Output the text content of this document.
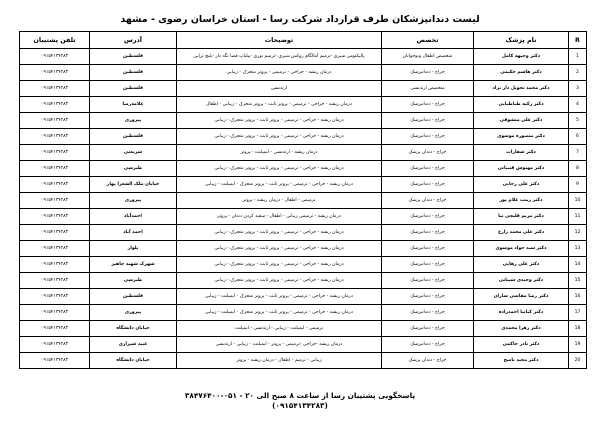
لیست دندانپزشکان طرف قرارداد شرکت رسا - استان خراسان رضوی - مشهد
R	نام پزشک	تخصص	توضیحات	آدرس	تلفن پشتیبان
1	دکتر وجیهه کامل	متخصص اطفال ونوجوانان	پالپکتومی شیری -ترمیم آمالگام روکش شیری -ترمیم نوری -پیلباپ فضا نگه دار -بلیچ ترابی	فلسطین	۰۹۱۵۴۱۳۴۲۸۳
2	دکتر هاشم حکیمی	جراح - دندانپزشک	درمان ریشه - جراحی - ترمیمی - پروتز متحرک - زیبایی	فلسطین	۰۹۱۵۴۱۳۴۲۸۳
3	دکتر محمد تحویل دار نژاد	متخصص ارتدنسی	ارتدنسی	فلسطین	۰۹۱۵۴۱۳۴۲۸۳
4	دکتر زکیه طباطبایی	جراح - دندانپزشک	درمان ریشه - جراحی - ترمیمی - پروتز ثابت - پروتز متحرک - زیبایی - اطفال	علامه‌رضا	۰۹۱۵۴۱۳۴۲۸۳
5	دکتر علی منشوقی	جراح - دندانپزشک	درمان ریشه - جراحی - ترمیمی - پروتز ثابت - پروتز متحرک - زیبایی	پیروزی	۰۹۱۵۴۱۳۴۲۸۳
6	دکتر منصوره موسوی	جراح - دندانپزشک	درمان ریشه - جراحی - ترمیمی - پروتز ثابت - پروتز متحرک - زیبایی	فلسطین	۰۹۱۵۴۱۳۴۲۸۳
7	دکتر شفارات	جراح - دندان پزشک	درمان ریشه - ارتدنسی - ایمپلنت - پروتز	شریعتی	۰۹۱۵۴۱۳۴۲۸۳
8	دکتر مهنوش قنبیانی	جراح - دندانپزشک	درمان ریشه - جراحی - ترمیمی - پروتز ثابت - پروتز متحرک - زیبایی	طبرسی	۰۹۱۵۴۱۳۴۲۸۳
9	دکتر علی رجایی	جراح - دندانپزشک	درمان ریشه - جراحی - ترمیمی - پروتز ثابت - پروتز متحرک - ایمپلنت - زیبایی	خیابان ملک الشعرا بهار	۰۹۱۵۴۱۳۴۲۸۳
10	دکتر زینب غلام پور	جراح - دندان پزشک	ترمیمی - اطفال - درمان ریشه - پروتز	پیروزی	۰۹۱۵۴۱۳۴۲۸۳
11	دکتر مریم قلیچی نیا	جراح - دندانپزشک	درمان ریشه - ترمیمی زیبایی - اطفال - سفید کردن دندان - پروتز	احمدآباد	۰۹۱۵۴۱۳۴۲۸۳
12	دکتر علی محمد زارع	جراح - دندانپزشک	درمان ریشه - جراحی - ترمیمی - پروتز ثابت - پروتز متحرک - زیبایی	احمد آباد	۰۹۱۵۴۱۳۴۲۸۳
13	دکتر سید جواد موسوی	جراح - دندانپزشک	درمان ریشه - جراحی - ترمیمی - پروتز ثابت - پروتز متحرک - زیبایی	بلوار	۰۹۱۵۴۱۳۴۲۸۳
14	دکتر علی رهایی	جراح - دندانپزشک	درمان ریشه - جراحی - ترمیمی - پروتز ثابت - پروتز متحرک - زیبایی	شهرک شهید چاهیر	۰۹۱۵۴۱۳۴۲۸۳
15	دکتر وحیدی شیبانی	جراح - دندانپزشک	درمان ریشه - جراحی - ترمیمی - پروتز ثابت - پروتز متحرک - زیبایی	طبرسی	۰۹۱۵۴۱۳۴۲۸۳
16	دکتر رضا مقاسی ساران	جراح - دندانپزشک	درمان ریشه - جراحی - ترمیمی - پروتز ثابت - پروتز متحرک - ایمپلنت - زیبایی	فلسطین	۰۹۱۵۴۱۳۴۲۸۳
17	دکتر کیانیا احمدزاده	جراح - دندانپزشک	درمان ریشه - جراحی - ترمیمی - پروتز ثابت - پروتز متحرک - ایمپلنت - زیبایی	پیروزی	۰۹۱۵۴۱۳۴۲۸۳
18	دکتر زهرا محمدی	جراح - دندانپزشک	ترمیمی - ایمپلنت - زیبایی - ارتدنسی - ایمپلنت	خیابان دانشگاه	۰۹۱۵۴۱۳۴۲۸۳
19	دکتر نادر حاکمی	جراح - دندانپزشک	درمان ریشه -جراحی -ترمیمی - پروتز - ایمپلنت - زیبایی - ارتدنسی	عبید شیرازی	۰۹۱۵۴۱۳۴۲۸۳
20	دکتر مجید ناصح	جراح - دندان پزشک	زیبایی - ترمیم - اطفال - درمان ریشه - پروتز	خیابان دانشگاه	۰۹۱۵۴۱۳۴۲۸۳
پاسخگویی پشتیبان رسا از ساعت ۸ صبح الی ۲۰ - ۰۵۱-۳۸۴۷۶۴۰۰
(۰۹۱۵۴۱۳۴۲۸۳)
